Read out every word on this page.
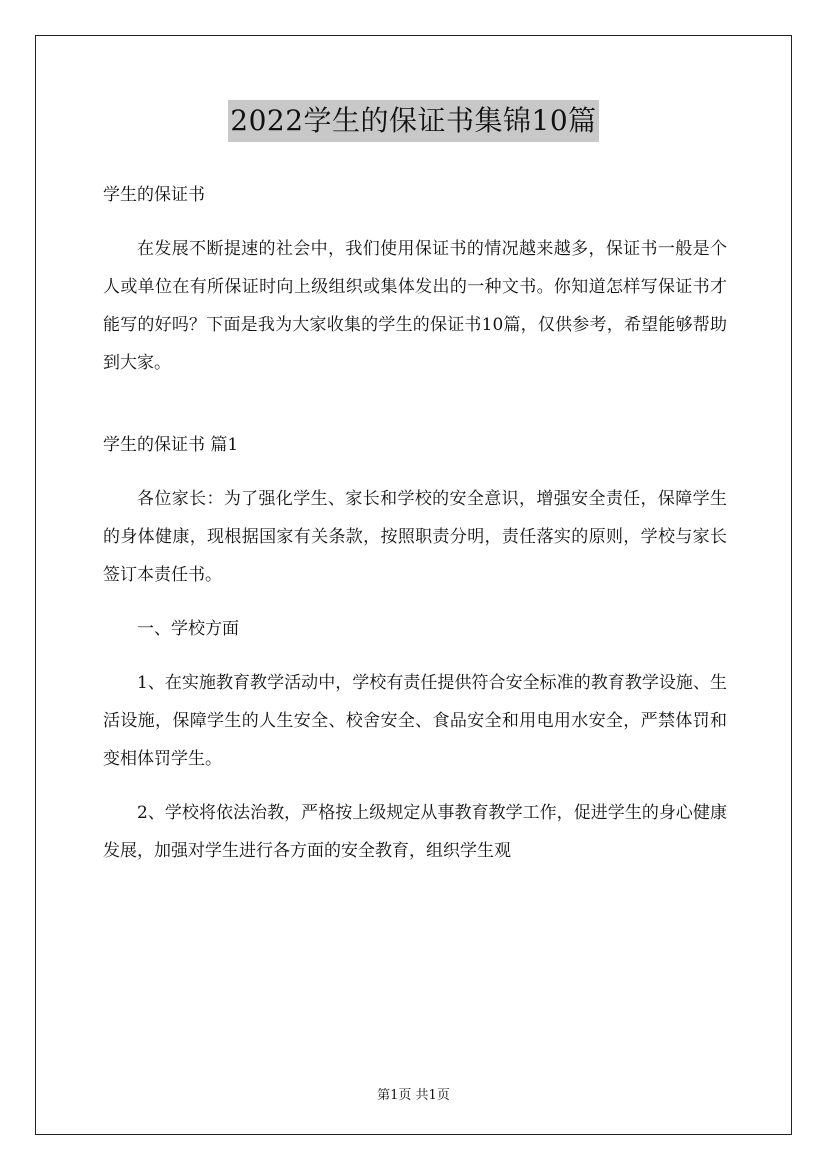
2022学生的保证书集锦10篇

学生的保证书

在发展不断提速的社会中，我们使用保证书的情况越来越多，保证书一般是个人或单位在有所保证时向上级组织或集体发出的一种文书。你知道怎样写保证书才能写的好吗？下面是我为大家收集的学生的保证书10篇，仅供参考，希望能够帮助到大家。

学生的保证书 篇1

各位家长：为了强化学生、家长和学校的安全意识，增强安全责任，保障学生的身体健康，现根据国家有关条款，按照职责分明，责任落实的原则，学校与家长签订本责任书。

一、学校方面

1、在实施教育教学活动中，学校有责任提供符合安全标准的教育教学设施、生活设施，保障学生的人生安全、校舍安全、食品安全和用电用水安全，严禁体罚和变相体罚学生。

2、学校将依法治教，严格按上级规定从事教育教学工作，促进学生的身心健康发展，加强对学生进行各方面的安全教育，组织学生观

第1页 共1页
